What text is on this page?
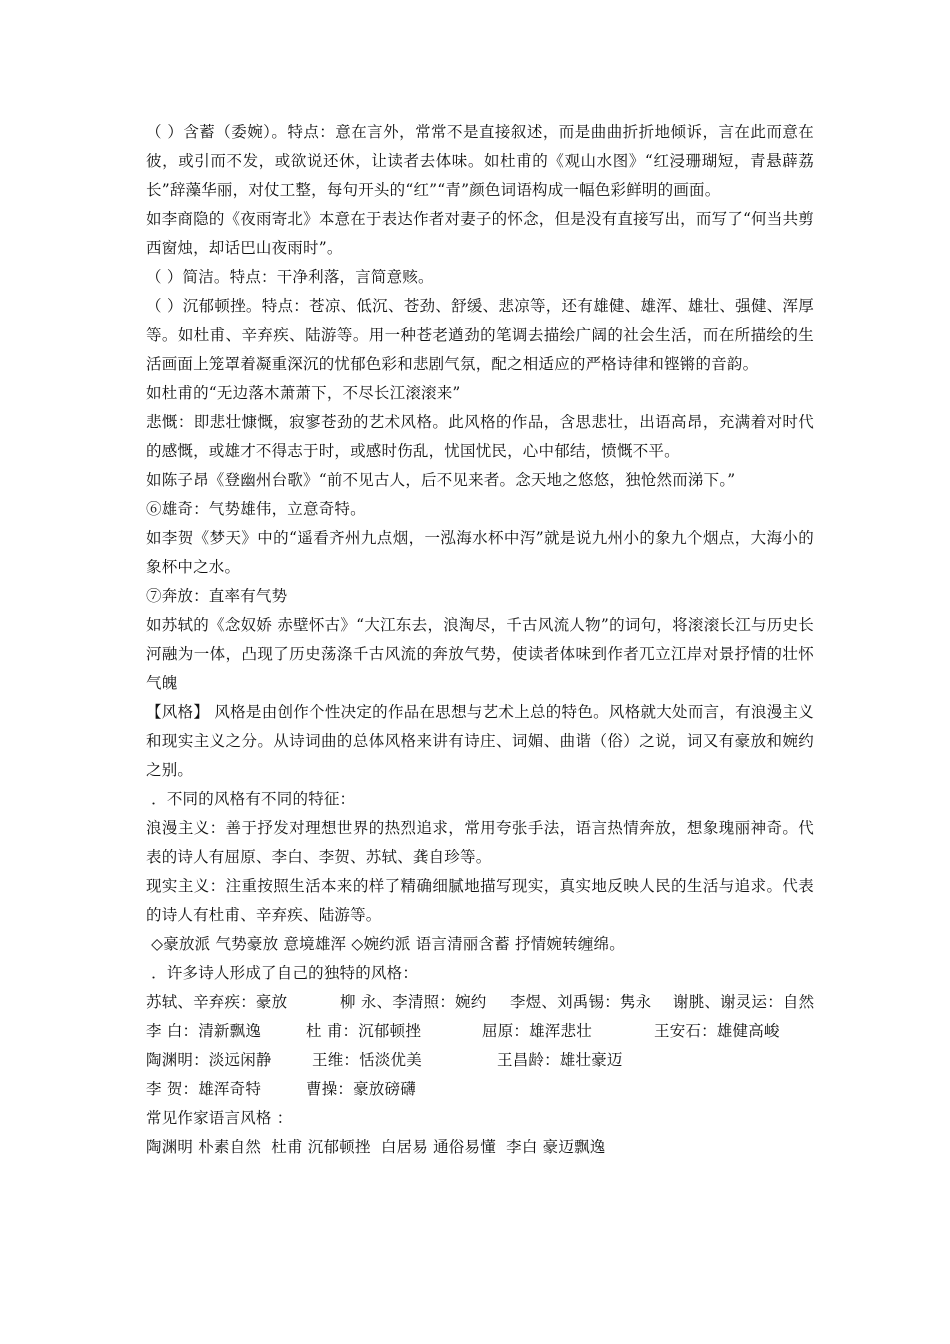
（ ）含蓄（委婉）。特点：意在言外，常常不是直接叙述，而是曲曲折折地倾诉，言在此而意在彼，或引而不发，或欲说还休，让读者去体味。如杜甫的《观山水图》“红浸珊瑚短，青悬薜荔长”辞藻华丽，对仗工整，每句开头的“红”“青”颜色词语构成一幅色彩鲜明的画面。

如李商隐的《夜雨寄北》本意在于表达作者对妻子的怀念，但是没有直接写出，而写了“何当共剪西窗烛，却话巴山夜雨时”。

（ ）简洁。特点：干净利落，言简意赅。

（ ）沉郁顿挫。特点：苍凉、低沉、苍劲、舒缓、悲凉等，还有雄健、雄浑、雄壮、强健、浑厚等。如杜甫、辛弃疾、陆游等。用一种苍老遒劲的笔调去描绘广阔的社会生活，而在所描绘的生活画面上笼罩着凝重深沉的忧郁色彩和悲剧气氛，配之相适应的严格诗律和铿锵的音韵。

如杜甫的“无边落木萧萧下，不尽长江滚滚来”

悲慨：即悲壮慷慨，寂寥苍劲的艺术风格。此风格的作品，含思悲壮，出语高昂，充满着对时代的感慨，或雄才不得志于时，或感时伤乱，忧国忧民，心中郁结，愤慨不平。

如陈子昂《登幽州台歌》“前不见古人，后不见来者。念天地之悠悠，独怆然而涕下。”

⑥雄奇：气势雄伟，立意奇特。

如李贺《梦天》中的“遥看齐州九点烟，一泓海水杯中泻”就是说九州小的象九个烟点，大海小的象杯中之水。

⑦奔放：直率有气势

如苏轼的《念奴娇 赤壁怀古》“大江东去，浪淘尽，千古风流人物”的词句，将滚滚长江与历史长河融为一体，凸现了历史荡涤千古风流的奔放气势，使读者体味到作者兀立江岸对景抒情的壮怀气魄

【风格】 风格是由创作个性决定的作品在思想与艺术上总的特色。风格就大处而言，有浪漫主义和现实主义之分。从诗词曲的总体风格来讲有诗庄、词媚、曲谐（俗）之说，词又有豪放和婉约之别。

．不同的风格有不同的特征：

浪漫主义：善于抒发对理想世界的热烈追求，常用夸张手法，语言热情奔放，想象瑰丽神奇。代表的诗人有屈原、李白、李贺、苏轼、龚自珍等。

现实主义：注重按照生活本来的样了精确细腻地描写现实，真实地反映人民的生活与追求。代表的诗人有杜甫、辛弃疾、陆游等。

◇豪放派 气势豪放 意境雄浑 ◇婉约派 语言清丽含蓄 抒情婉转缠绵。

．许多诗人形成了自己的独特的风格：

苏轼、辛弃疾：豪放	柳 永、李清照：婉约	李煜、刘禹锡：隽永	谢朓、谢灵运：自然
李 白：清新飘逸	杜 甫：沉郁顿挫	屈原：雄浑悲壮	王安石：雄健高峻
陶渊明：淡远闲静	王维：恬淡优美	王昌龄：雄壮豪迈
李 贺：雄浑奇特	曹操：豪放磅礴

常见作家语言风格 ：

陶渊明 朴素自然  杜甫 沉郁顿挫  白居易 通俗易懂  李白 豪迈飘逸
